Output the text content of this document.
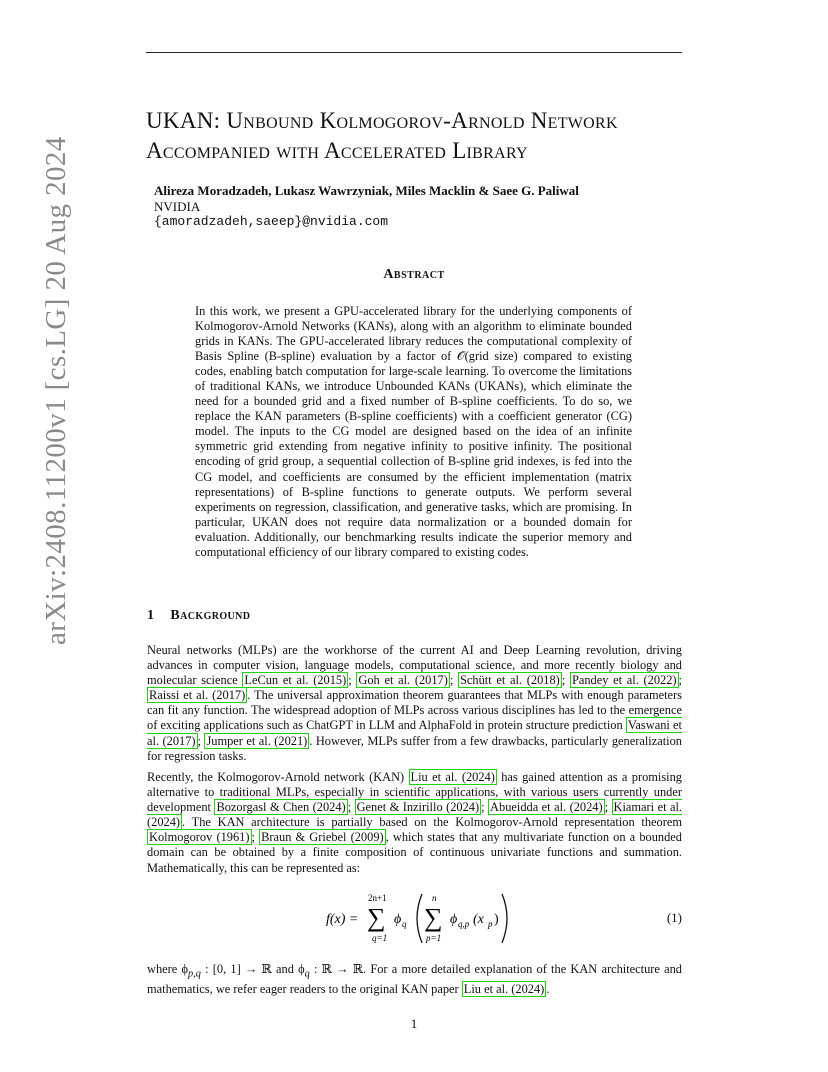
arXiv:2408.11200v1 [cs.LG] 20 Aug 2024
UKAN: Unbound Kolmogorov-Arnold Network Accompanied with Accelerated Library

Alireza Moradzadeh, Lukasz Wawrzyniak, Miles Macklin & Saee G. Paliwal

NVIDIA

{amoradzadeh,saeep}@nvidia.com

Abstract

In this work, we present a GPU-accelerated library for the underlying components of Kolmogorov-Arnold Networks (KANs), along with an algorithm to eliminate bounded grids in KANs. The GPU-accelerated library reduces the computational complexity of Basis Spline (B-spline) evaluation by a factor of 𝒪(grid size) compared to existing codes, enabling batch computation for large-scale learning. To overcome the limitations of traditional KANs, we introduce Unbounded KANs (UKANs), which eliminate the need for a bounded grid and a fixed number of B-spline coefficients. To do so, we replace the KAN parameters (B-spline coefficients) with a coefficient generator (CG) model. The inputs to the CG model are designed based on the idea of an infinite symmetric grid extending from negative infinity to positive infinity. The positional encoding of grid group, a sequential collection of B-spline grid indexes, is fed into the CG model, and coefficients are consumed by the efficient implementation (matrix representations) of B-spline functions to generate outputs. We perform several experiments on regression, classification, and generative tasks, which are promising. In particular, UKAN does not require data normalization or a bounded domain for evaluation. Additionally, our benchmarking results indicate the superior memory and computational efficiency of our library compared to existing codes.

1 Background

Neural networks (MLPs) are the workhorse of the current AI and Deep Learning revolution, driving advances in computer vision, language models, computational science, and more recently biology and molecular science LeCun et al. (2015) ; Goh et al. (2017) ; Schütt et al. (2018) ; Pandey et al. (2022) ; Raissi et al. (2017) . The universal approximation theorem guarantees that MLPs with enough parameters can fit any function. The widespread adoption of MLPs across various disciplines has led to the emergence of exciting applications such as ChatGPT in LLM and AlphaFold in protein structure prediction Vaswani et al. (2017) ; Jumper et al. (2021) . However, MLPs suffer from a few drawbacks, particularly generalization for regression tasks.

Recently, the Kolmogorov-Arnold network (KAN) Liu et al. (2024) has gained attention as a promising alternative to traditional MLPs, especially in scientific applications, with various users currently under development Bozorgasl & Chen (2024) ; Genet & Inzirillo (2024) ; Abueidda et al. (2024) ; Kiamari et al. (2024) . The KAN architecture is partially based on the Kolmogorov-Arnold representation theorem Kolmogorov (1961) ; Braun & Griebel (2009) , which states that any multivariate function on a bounded domain can be obtained by a finite composition of continuous univariate functions and summation. Mathematically, this can be represented as:

f(x) =
2n+1
∑
q=1
ϕ q
n
∑
p=1
ϕ q,p (x p )	(1)

where $\phi_{p,q}$ : [0, 1] → ℝ and $\phi_q$ : ℝ → ℝ. For a more detailed explanation of the KAN architecture and mathematics, we refer eager readers to the original KAN paper Liu et al. (2024) .

1
